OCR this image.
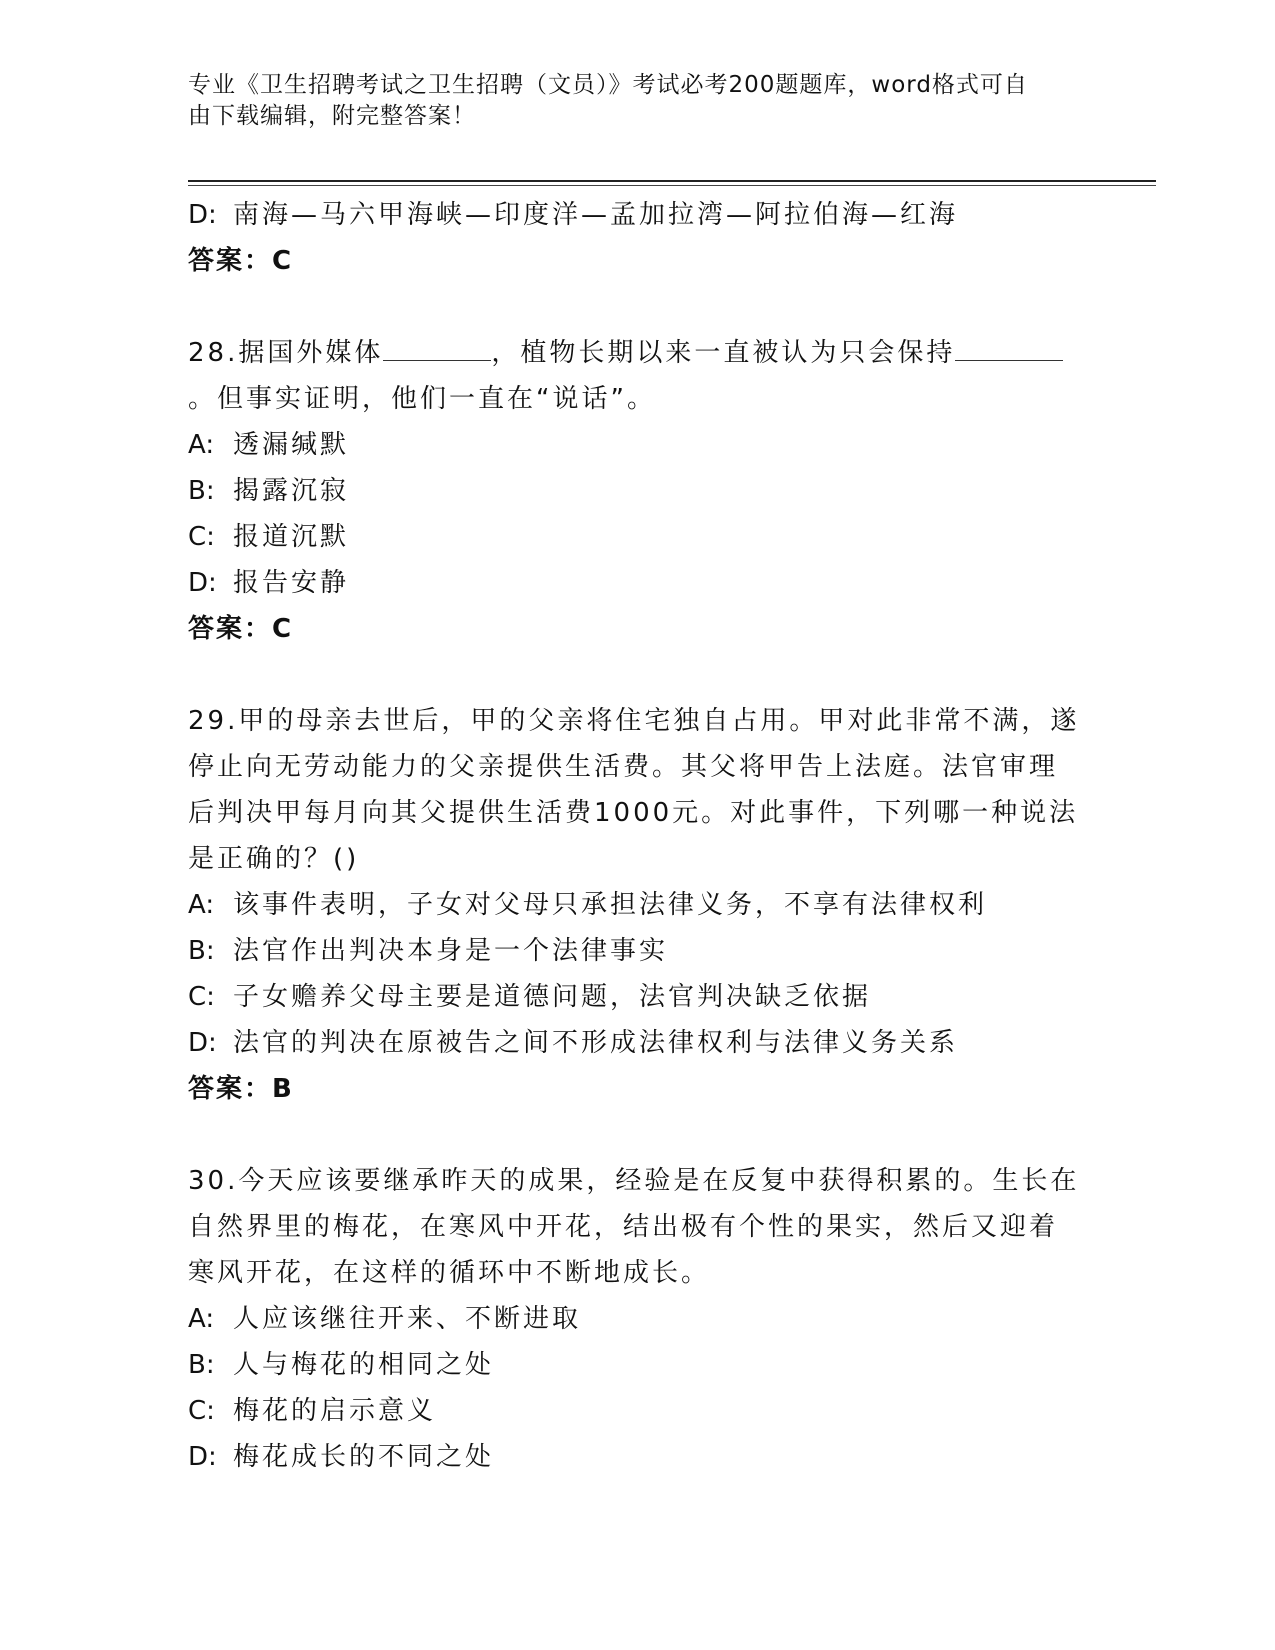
专业《卫生招聘考试之卫生招聘（文员）》考试必考200题题库，word格式可自
由下载编辑，附完整答案！
D: 南海—马六甲海峡—印度洋—孟加拉湾—阿拉伯海—红海
答案：C
28.据国外媒体	，植物长期以来一直被认为只会保持
。但事实证明，他们一直在“说话”。
A: 透漏缄默
B: 揭露沉寂
C: 报道沉默
D: 报告安静
答案：C
29.甲的母亲去世后，甲的父亲将住宅独自占用。甲对此非常不满，遂
停止向无劳动能力的父亲提供生活费。其父将甲告上法庭。法官审理
后判决甲每月向其父提供生活费1000元。对此事件，下列哪一种说法
是正确的？()
A: 该事件表明，子女对父母只承担法律义务，不享有法律权利
B: 法官作出判决本身是一个法律事实
C: 子女赡养父母主要是道德问题，法官判决缺乏依据
D: 法官的判决在原被告之间不形成法律权利与法律义务关系
答案：B
30.今天应该要继承昨天的成果，经验是在反复中获得积累的。生长在
自然界里的梅花，在寒风中开花，结出极有个性的果实，然后又迎着
寒风开花，在这样的循环中不断地成长。
A: 人应该继往开来、不断进取
B: 人与梅花的相同之处
C: 梅花的启示意义
D: 梅花成长的不同之处
